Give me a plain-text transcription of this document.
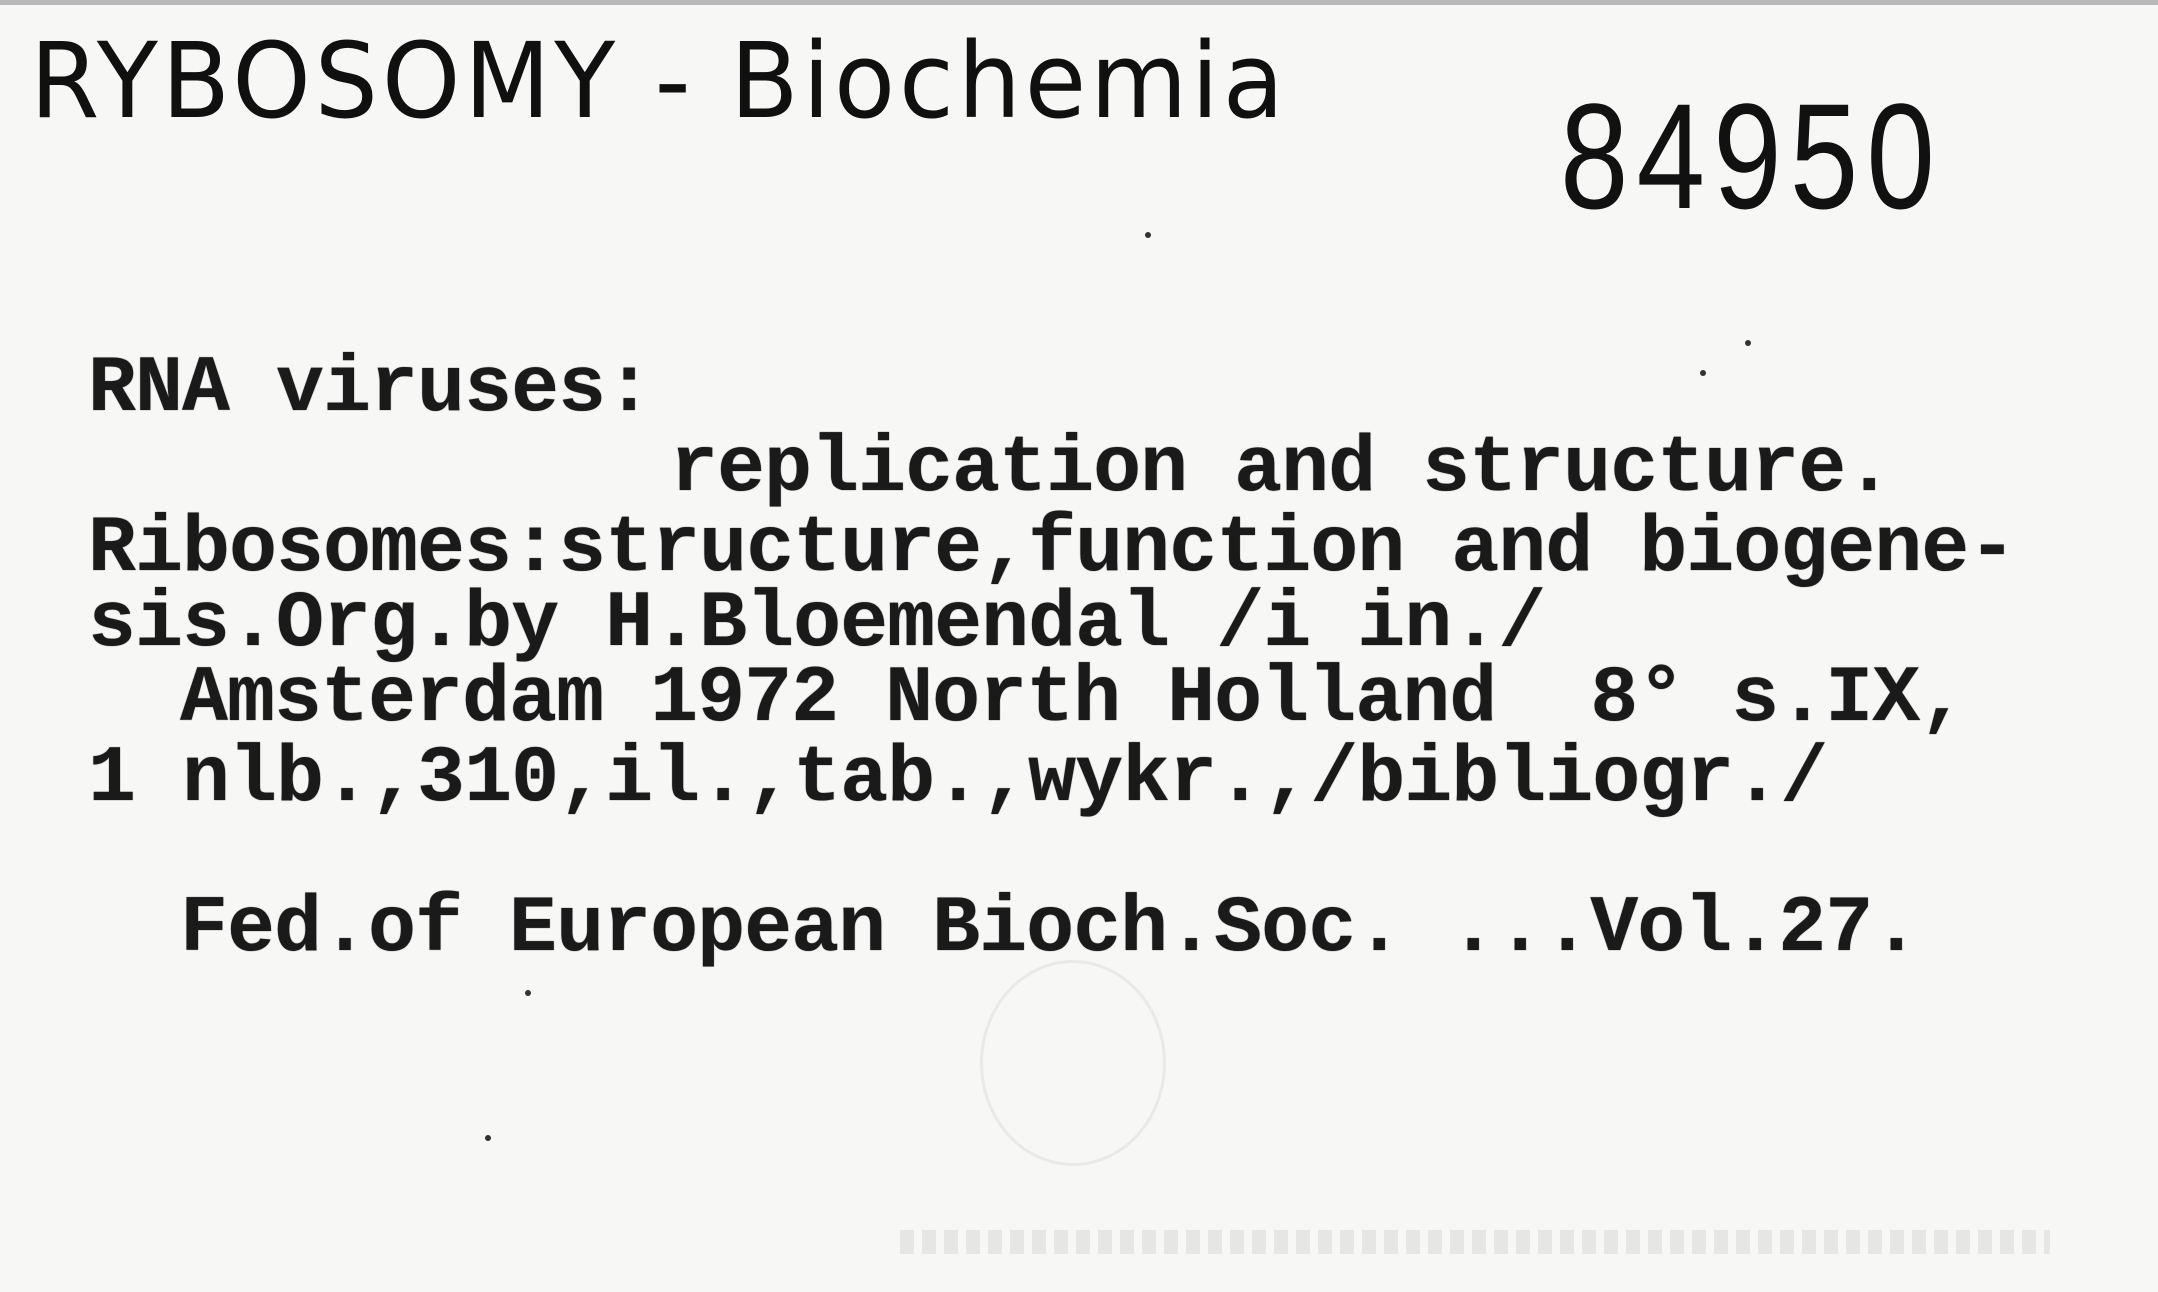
RYBOSOMY - Biochemia 84950
RNA viruses:
replication and structure.
Ribosomes:structure,function and biogene-
sis.Org.by H.Bloemendal /i in./
Amsterdam 1972 North Holland  8° s.IX,
1 nlb.,310,il.,tab.,wykr.,/bibliogr./
Fed.of European Bioch.Soc. ...Vol.27.
